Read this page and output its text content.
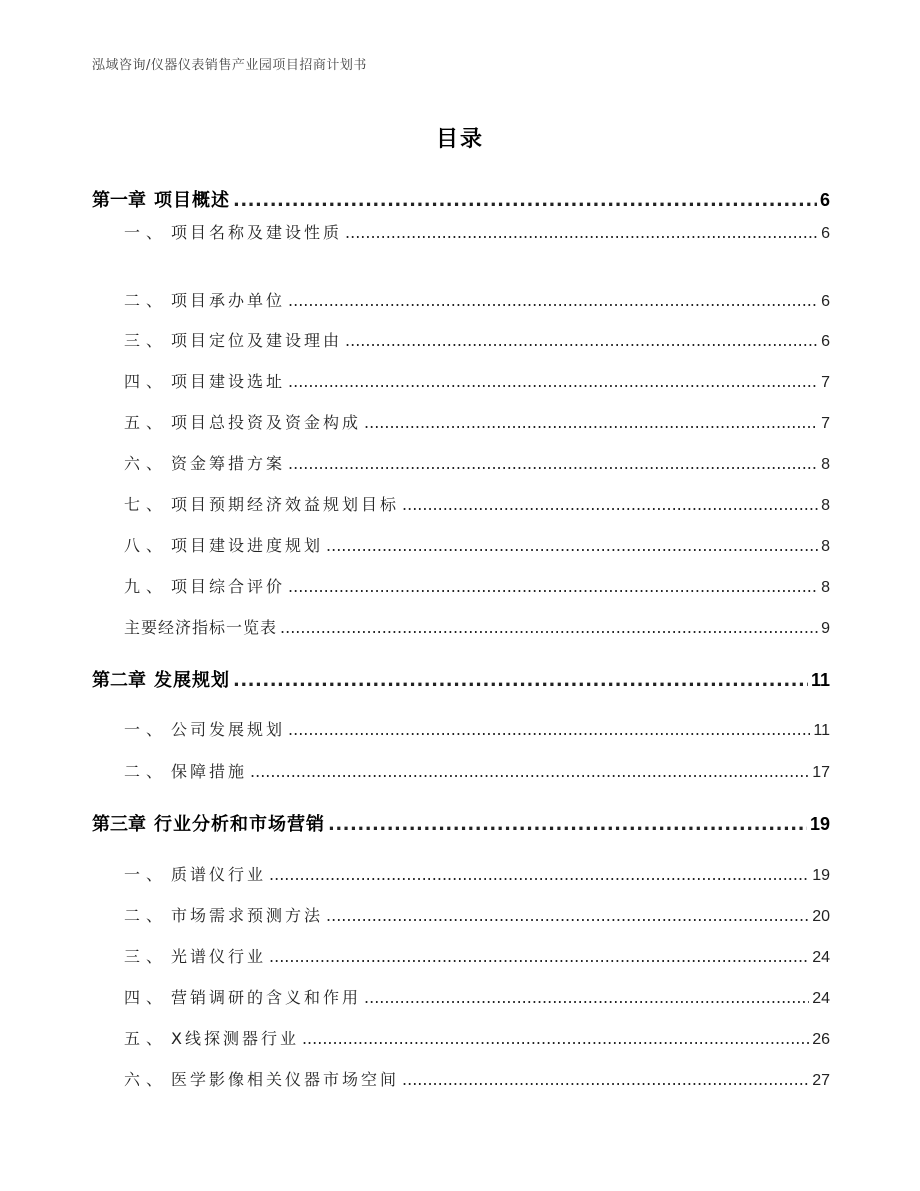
泓域咨询/仪器仪表销售产业园项目招商计划书
目录
第一章 项目概述 .....	6
一、 项目名称及建设性质 .....	6
二、 项目承办单位 .....	6
三、 项目定位及建设理由 .....	6
四、 项目建设选址 .....	7
五、 项目总投资及资金构成 .....	7
六、 资金筹措方案 .....	8
七、 项目预期经济效益规划目标 .....	8
八、 项目建设进度规划 .....	8
九、 项目综合评价 .....	8
主要经济指标一览表 .....	9
第二章 发展规划 .....	11
一、 公司发展规划 .....	11
二、 保障措施 .....	17
第三章 行业分析和市场营销 .....	19
一、 质谱仪行业 .....	19
二、 市场需求预测方法 .....	20
三、 光谱仪行业 .....	24
四、 营销调研的含义和作用 .....	24
五、 X线探测器行业 .....	26
六、 医学影像相关仪器市场空间 .....	27
